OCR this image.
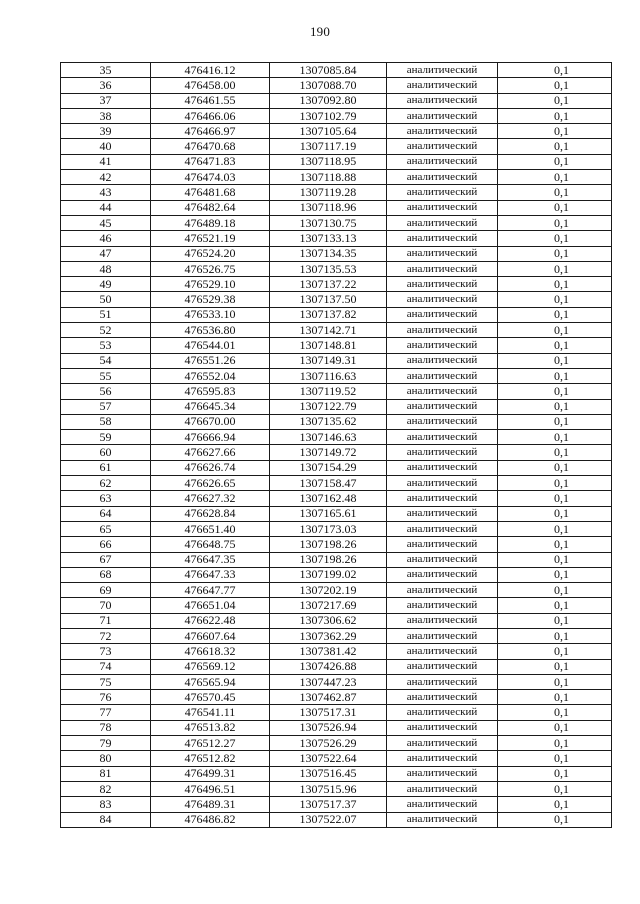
190
35	476416.12	1307085.84	аналитический	0,1
36	476458.00	1307088.70	аналитический	0,1
37	476461.55	1307092.80	аналитический	0,1
38	476466.06	1307102.79	аналитический	0,1
39	476466.97	1307105.64	аналитический	0,1
40	476470.68	1307117.19	аналитический	0,1
41	476471.83	1307118.95	аналитический	0,1
42	476474.03	1307118.88	аналитический	0,1
43	476481.68	1307119.28	аналитический	0,1
44	476482.64	1307118.96	аналитический	0,1
45	476489.18	1307130.75	аналитический	0,1
46	476521.19	1307133.13	аналитический	0,1
47	476524.20	1307134.35	аналитический	0,1
48	476526.75	1307135.53	аналитический	0,1
49	476529.10	1307137.22	аналитический	0,1
50	476529.38	1307137.50	аналитический	0,1
51	476533.10	1307137.82	аналитический	0,1
52	476536.80	1307142.71	аналитический	0,1
53	476544.01	1307148.81	аналитический	0,1
54	476551.26	1307149.31	аналитический	0,1
55	476552.04	1307116.63	аналитический	0,1
56	476595.83	1307119.52	аналитический	0,1
57	476645.34	1307122.79	аналитический	0,1
58	476670.00	1307135.62	аналитический	0,1
59	476666.94	1307146.63	аналитический	0,1
60	476627.66	1307149.72	аналитический	0,1
61	476626.74	1307154.29	аналитический	0,1
62	476626.65	1307158.47	аналитический	0,1
63	476627.32	1307162.48	аналитический	0,1
64	476628.84	1307165.61	аналитический	0,1
65	476651.40	1307173.03	аналитический	0,1
66	476648.75	1307198.26	аналитический	0,1
67	476647.35	1307198.26	аналитический	0,1
68	476647.33	1307199.02	аналитический	0,1
69	476647.77	1307202.19	аналитический	0,1
70	476651.04	1307217.69	аналитический	0,1
71	476622.48	1307306.62	аналитический	0,1
72	476607.64	1307362.29	аналитический	0,1
73	476618.32	1307381.42	аналитический	0,1
74	476569.12	1307426.88	аналитический	0,1
75	476565.94	1307447.23	аналитический	0,1
76	476570.45	1307462.87	аналитический	0,1
77	476541.11	1307517.31	аналитический	0,1
78	476513.82	1307526.94	аналитический	0,1
79	476512.27	1307526.29	аналитический	0,1
80	476512.82	1307522.64	аналитический	0,1
81	476499.31	1307516.45	аналитический	0,1
82	476496.51	1307515.96	аналитический	0,1
83	476489.31	1307517.37	аналитический	0,1
84	476486.82	1307522.07	аналитический	0,1
